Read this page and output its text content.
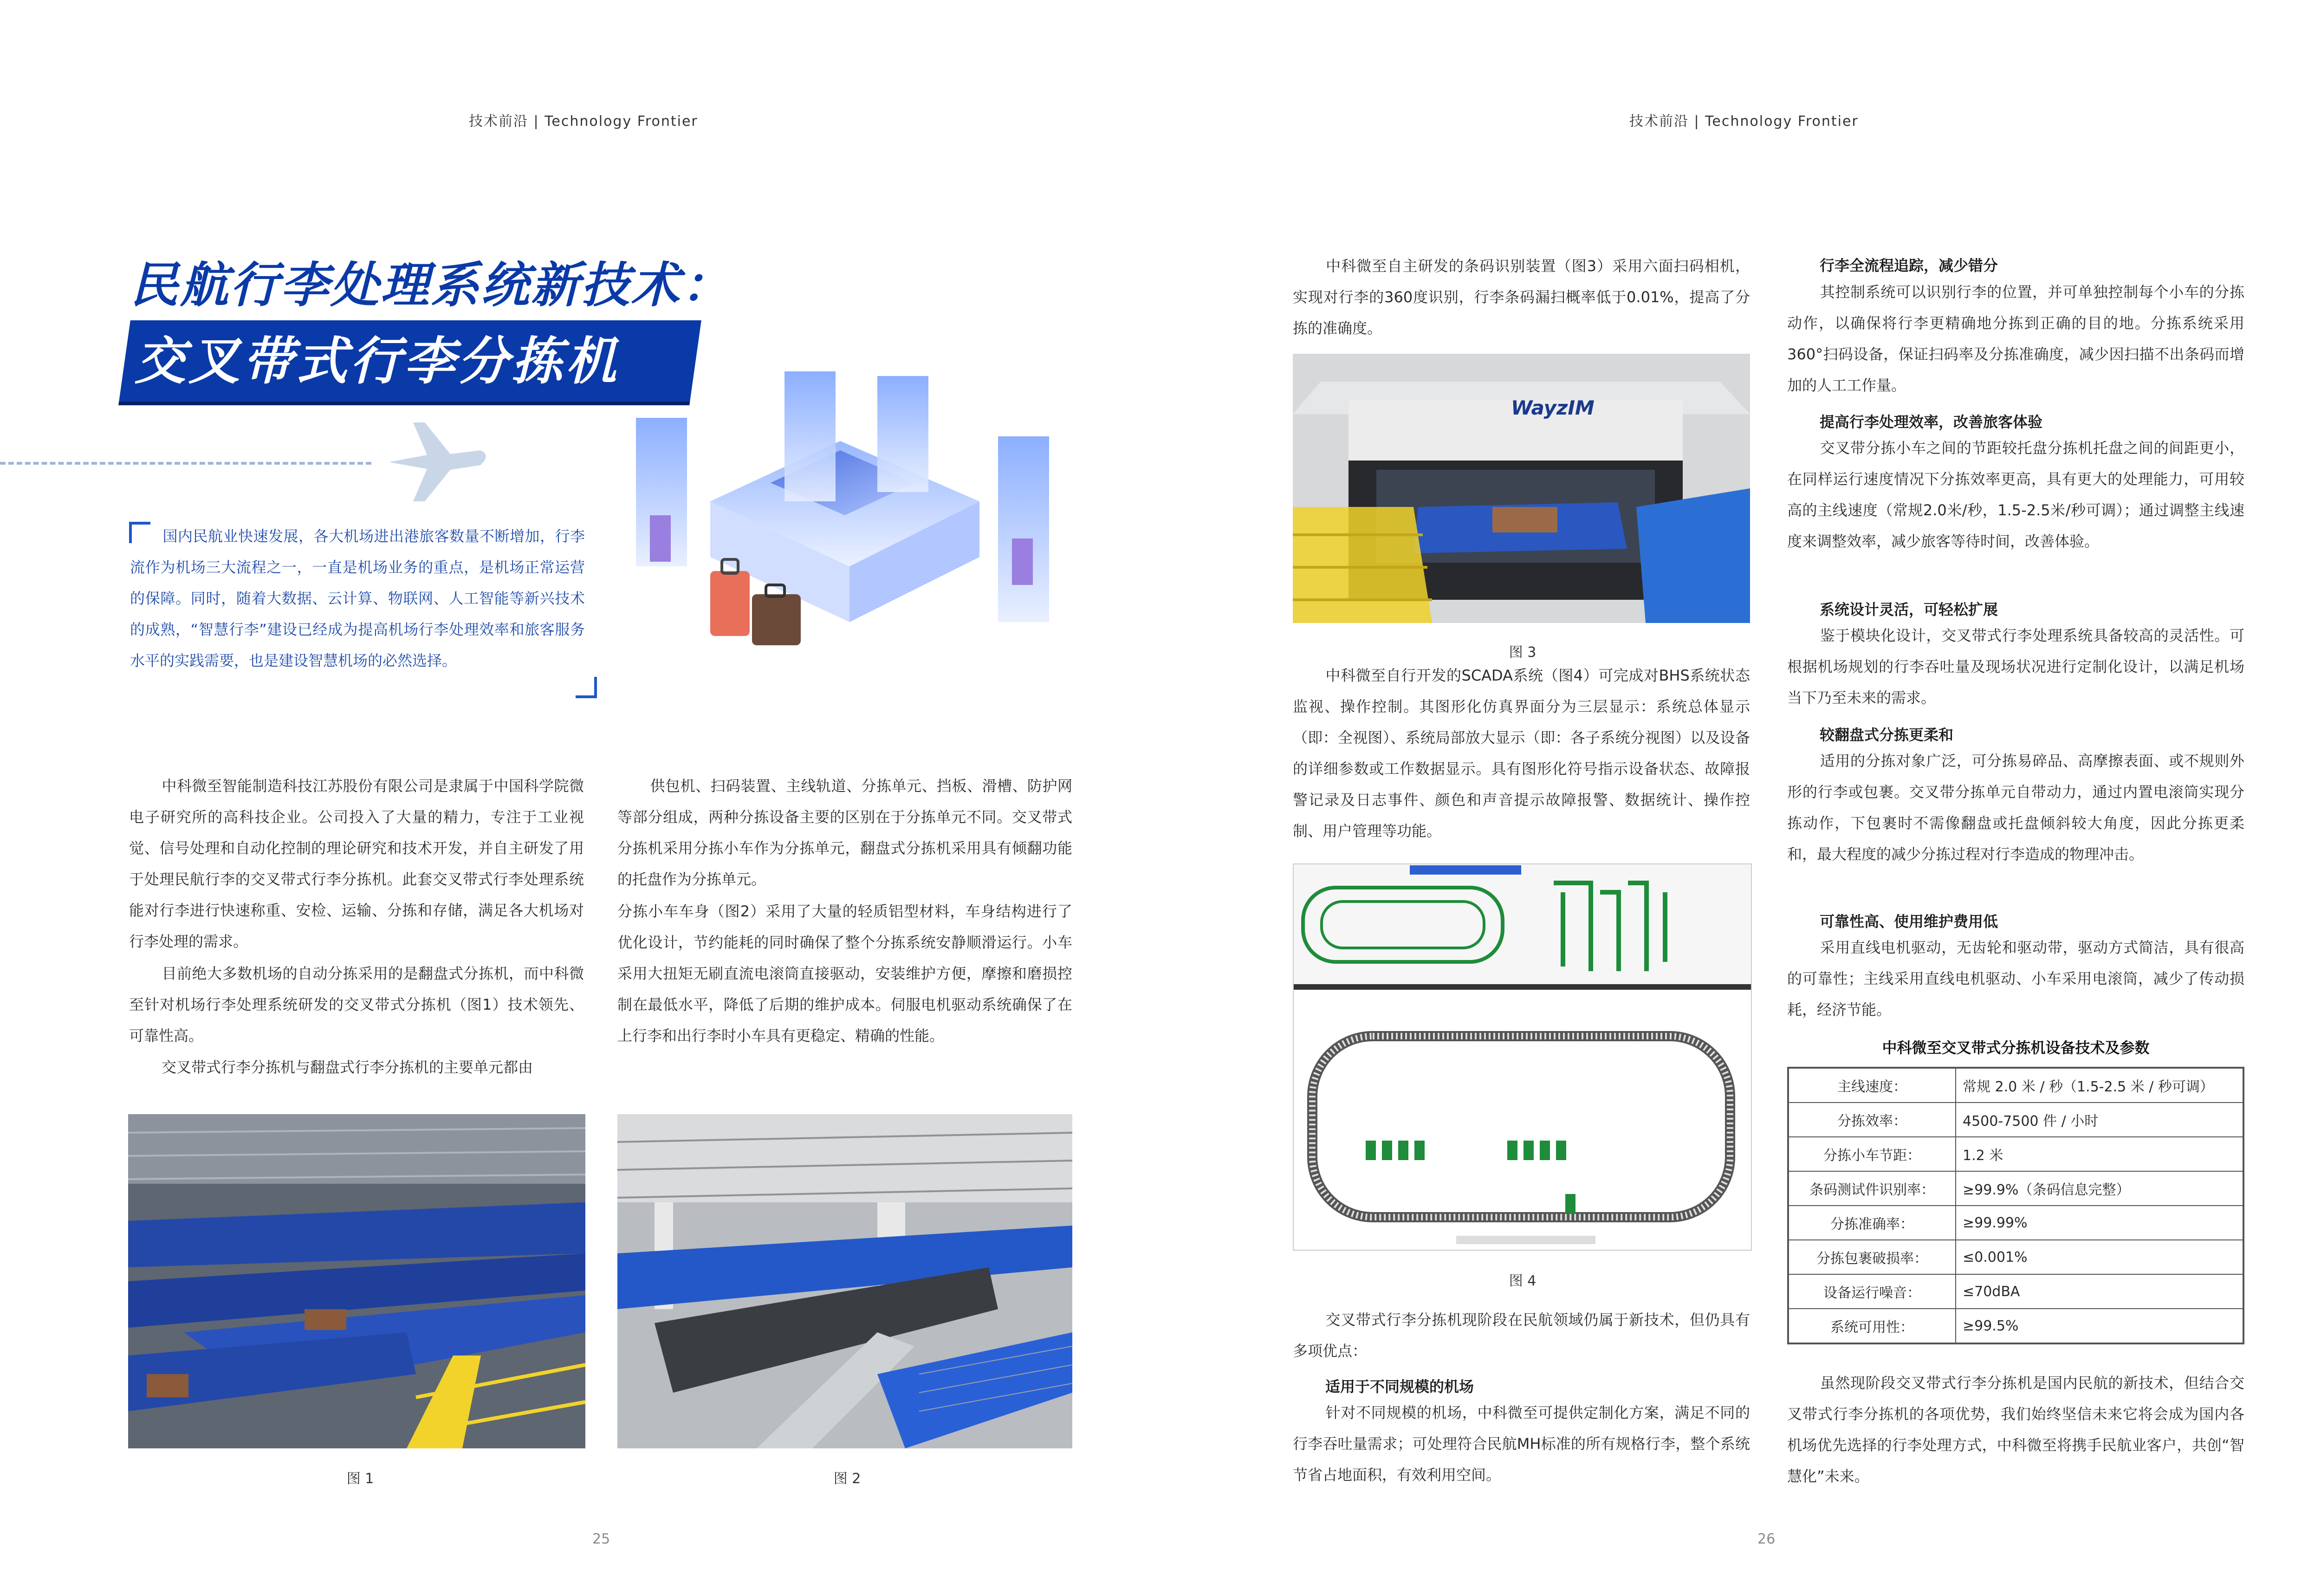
技术前沿 | Technology Frontier	技术前沿 | Technology Frontier
民航行李处理系统新技术：
交叉带式行李分拣机

国内民航业快速发展，各大机场进出港旅客数量不断增加，行李流作为机场三大流程之一，一直是机场业务的重点，是机场正常运营的保障。同时，随着大数据、云计算、物联网、人工智能等新兴技术的成熟，“智慧行李”建设已经成为提高机场行李处理效率和旅客服务水平的实践需要，也是建设智慧机场的必然选择。

中科微至智能制造科技江苏股份有限公司是隶属于中国科学院微电子研究所的高科技企业。公司投入了大量的精力，专注于工业视觉、信号处理和自动化控制的理论研究和技术开发，并自主研发了用于处理民航行李的交叉带式行李分拣机。此套交叉带式行李处理系统能对行李进行快速称重、安检、运输、分拣和存储，满足各大机场对行李处理的需求。

目前绝大多数机场的自动分拣采用的是翻盘式分拣机，而中科微至针对机场行李处理系统研发的交叉带式分拣机（图1）技术领先、可靠性高。

交叉带式行李分拣机与翻盘式行李分拣机的主要单元都由

供包机、扫码装置、主线轨道、分拣单元、挡板、滑槽、防护网等部分组成，两种分拣设备主要的区别在于分拣单元不同。交叉带式分拣机采用分拣小车作为分拣单元，翻盘式分拣机采用具有倾翻功能的托盘作为分拣单元。

分拣小车车身（图2）采用了大量的轻质铝型材料，车身结构进行了优化设计，节约能耗的同时确保了整个分拣系统安静顺滑运行。小车采用大扭矩无刷直流电滚筒直接驱动，安装维护方便，摩擦和磨损控制在最低水平，降低了后期的维护成本。伺服电机驱动系统确保了在上行李和出行李时小车具有更稳定、精确的性能。

图 1	图 2
25

中科微至自主研发的条码识别装置（图3）采用六面扫码相机，实现对行李的360度识别，行李条码漏扫概率低于0.01%，提高了分拣的准确度。

WayzIM
图 3

中科微至自行开发的SCADA系统（图4）可完成对BHS系统状态监视、操作控制。其图形化仿真界面分为三层显示：系统总体显示（即：全视图）、系统局部放大显示（即：各子系统分视图）以及设备的详细参数或工作数据显示。具有图形化符号指示设备状态、故障报警记录及日志事件、颜色和声音提示故障报警、数据统计、操作控制、用户管理等功能。

图 4

交叉带式行李分拣机现阶段在民航领域仍属于新技术，但仍具有多项优点：

适用于不同规模的机场

针对不同规模的机场，中科微至可提供定制化方案，满足不同的行李吞吐量需求；可处理符合民航MH标准的所有规格行李，整个系统节省占地面积，有效利用空间。

行李全流程追踪，减少错分

其控制系统可以识别行李的位置，并可单独控制每个小车的分拣动作，以确保将行李更精确地分拣到正确的目的地。分拣系统采用360°扫码设备，保证扫码率及分拣准确度，减少因扫描不出条码而增加的人工工作量。

提高行李处理效率，改善旅客体验

交叉带分拣小车之间的节距较托盘分拣机托盘之间的间距更小，在同样运行速度情况下分拣效率更高，具有更大的处理能力，可用较高的主线速度（常规2.0米/秒，1.5-2.5米/秒可调）；通过调整主线速度来调整效率，减少旅客等待时间，改善体验。

系统设计灵活，可轻松扩展

鉴于模块化设计，交叉带式行李处理系统具备较高的灵活性。可根据机场规划的行李吞吐量及现场状况进行定制化设计，以满足机场当下乃至未来的需求。

较翻盘式分拣更柔和

适用的分拣对象广泛，可分拣易碎品、高摩擦表面、或不规则外形的行李或包裹。交叉带分拣单元自带动力，通过内置电滚筒实现分拣动作，下包裹时不需像翻盘或托盘倾斜较大角度，因此分拣更柔和，最大程度的减少分拣过程对行李造成的物理冲击。

可靠性高、使用维护费用低

采用直线电机驱动，无齿轮和驱动带，驱动方式简洁，具有很高的可靠性；主线采用直线电机驱动、小车采用电滚筒，减少了传动损耗，经济节能。

中科微至交叉带式分拣机设备技术及参数
主线速度：	常规 2.0 米 / 秒（1.5-2.5 米 / 秒可调）
分拣效率：	4500-7500 件 / 小时
分拣小车节距：	1.2 米
条码测试件识别率：	≥99.9%（条码信息完整）
分拣准确率：	≥99.99%
分拣包裹破损率：	≤0.001%
设备运行噪音：	≤70dBA
系统可用性：	≥99.5%

虽然现阶段交叉带式行李分拣机是国内民航的新技术，但结合交叉带式行李分拣机的各项优势，我们始终坚信未来它将会成为国内各机场优先选择的行李处理方式，中科微至将携手民航业客户，共创“智慧化”未来。

26
